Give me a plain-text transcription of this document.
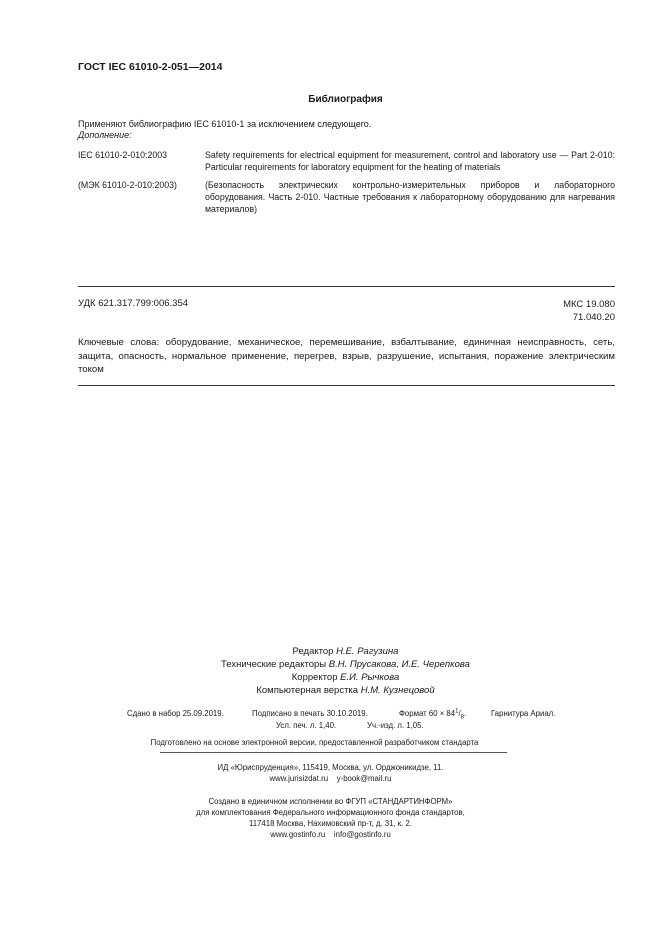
ГОСТ IEC 61010-2-051—2014
Библиография
Применяют библиографию IEC 61010-1 за исключением следующего.
Дополнение:
IEC 61010-2-010:2003	Safety requirements for electrical equipment for measurement, control and laboratory use — Part 2-010: Particular requirements for laboratory equipment for the heating of materials
(МЭК 61010-2-010:2003)	(Безопасность электрических контрольно-измерительных приборов и лабораторного оборудования. Часть 2-010. Частные требования к лабораторному оборудованию для нагревания материалов)
УДК 621.317.799:006.354	МКС 19.080
71.040.20
Ключевые слова: оборудование, механическое, перемешивание, взбалтывание, единичная неисправность, сеть, защита, опасность, нормальное применение, перегрев, взрыв, разрушение, испытания, поражение электрическим током
Редактор Н.Е. Рагузина
Технические редакторы В.Н. Прусакова, И.Е. Черепкова
Корректор Е.И. Рычкова
Компьютерная верстка Н.М. Кузнецовой
Сдано в набор 25.09.2019.	Подписано в печать 30.10.2019.	Формат $60 \times 84^1/_8$.	Гарнитура Ариал.
Усл. печ. л. 1,40.	Уч.-изд. л. 1,05.
Подготовлено на основе электронной версии, предоставленной разработчиком стандарта
ИД «Юриспруденция», 115419, Москва, ул. Орджоникидзе, 11.
www.jurisizdat.ru y-book@mail.ru
Создано в единичном исполнении во ФГУП «СТАНДАРТИНФОРМ»
для комплектования Федерального информационного фонда стандартов,
117418 Москва, Нахимовский пр-т, д. 31, к. 2.
www.gostinfo.ru info@gostinfo.ru
